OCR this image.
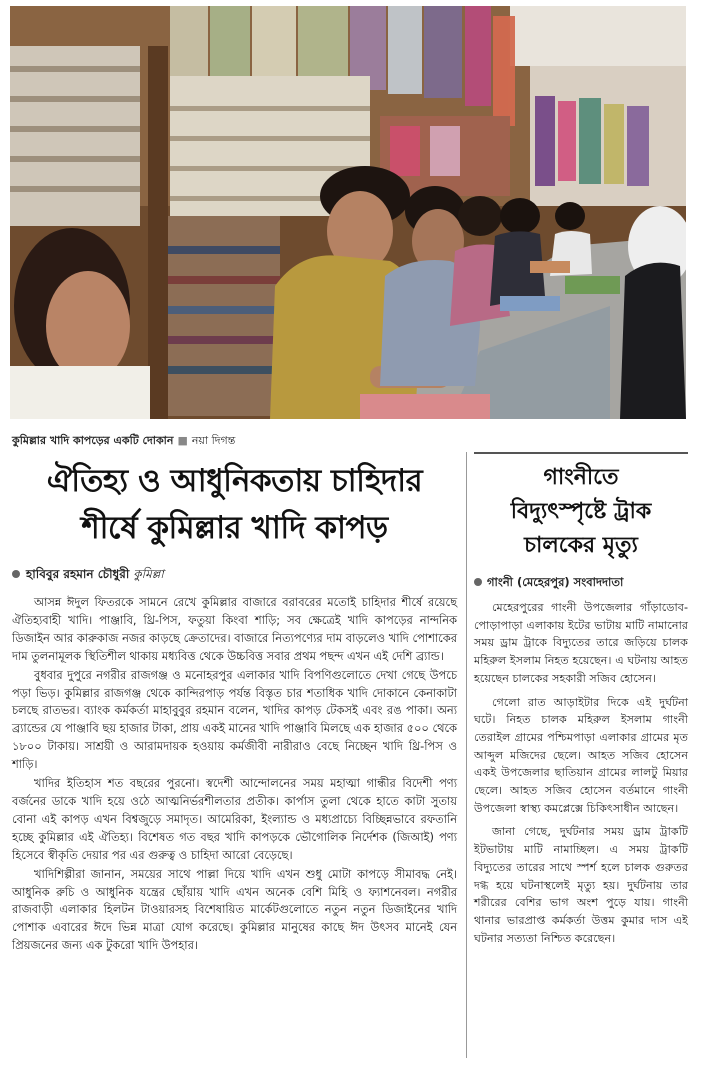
কুমিল্লার খাদি কাপড়ের একটি দোকান ■ নয়া দিগন্ত
ঐতিহ্য ও আধুনিকতায় চাহিদার
শীর্ষে কুমিল্লার খাদি কাপড়
হাবিবুর রহমান চৌধুরী কুমিল্লা

আসন্ন ঈদুল ফিতরকে সামনে রেখে কুমিল্লার বাজারে বরাবরের মতোই চাহিদার শীর্ষে রয়েছে ঐতিহ্যবাহী খাদি। পাঞ্জাবি, থ্রি-পিস, ফতুয়া কিংবা শাড়ি; সব ক্ষেত্রেই খাদি কাপড়ের নান্দনিক ডিজাইন আর কারুকাজ নজর কাড়ছে ক্রেতাদের। বাজারে নিত্যপণ্যের দাম বাড়লেও খাদি পোশাকের দাম তুলনামূলক স্থিতিশীল থাকায় মধ্যবিত্ত থেকে উচ্চবিত্ত সবার প্রথম পছন্দ এখন এই দেশি ব্র্যান্ড।

বুধবার দুপুরে নগরীর রাজগঞ্জ ও মনোহরপুর এলাকার খাদি বিপণিগুলোতে দেখা গেছে উপচে পড়া ভিড়। কুমিল্লার রাজগঞ্জ থেকে কান্দিরপাড় পর্যন্ত বিস্তৃত চার শতাধিক খাদি দোকানে কেনাকাটা চলছে রাতভর। ব্যাংক কর্মকর্তা মাহাবুবুর রহমান বলেন, খাদির কাপড় টেকসই এবং রঙ পাকা। অন্য ব্র্যান্ডের যে পাঞ্জাবি ছয় হাজার টাকা, প্রায় একই মানের খাদি পাঞ্জাবি মিলছে এক হাজার ৫০০ থেকে ১৮০০ টাকায়। সাশ্রয়ী ও আরামদায়ক হওয়ায় কর্মজীবী নারীরাও বেছে নিচ্ছেন খাদি থ্রি-পিস ও শাড়ি।

খাদির ইতিহাস শত বছরের পুরনো। স্বদেশী আন্দোলনের সময় মহাত্মা গান্ধীর বিদেশী পণ্য বর্জনের ডাকে খাদি হয়ে ওঠে আত্মনির্ভরশীলতার প্রতীক। কার্পাস তুলা থেকে হাতে কাটা সুতায় বোনা এই কাপড় এখন বিশ্বজুড়ে সমাদৃত। আমেরিকা, ইংল্যান্ড ও মধ্যপ্রাচ্যে বিচ্ছিন্নভাবে রফতানি হচ্ছে কুমিল্লার এই ঐতিহ্য। বিশেষত গত বছর খাদি কাপড়কে ভৌগোলিক নির্দেশক (জিআই) পণ্য হিসেবে স্বীকৃতি দেয়ার পর এর গুরুত্ব ও চাহিদা আরো বেড়েছে।

খাদিশিল্পীরা জানান, সময়ের সাথে পাল্লা দিয়ে খাদি এখন শুধু মোটা কাপড়ে সীমাবদ্ধ নেই। আধুনিক রুচি ও আধুনিক যন্ত্রের ছোঁয়ায় খাদি এখন অনেক বেশি মিহি ও ফ্যাশনেবল। নগরীর রাজবাড়ী এলাকার হিলটন টাওয়ারসহ বিশেষায়িত মার্কেটগুলোতে নতুন নতুন ডিজাইনের খাদি পোশাক এবারের ঈদে ভিন্ন মাত্রা যোগ করেছে। কুমিল্লার মানুষের কাছে ঈদ উৎসব মানেই যেন প্রিয়জনের জন্য এক টুকরো খাদি উপহার।

গাংনীতে
বিদ্যুৎস্পৃষ্টে ট্রাক
চালকের মৃত্যু
গাংনী (মেহেরপুর) সংবাদদাতা

মেহেরপুরের গাংনী উপজেলার গাঁড়াডোব-পোড়াপাড়া এলাকায় ইটের ভাটায় মাটি নামানোর সময় ড্রাম ট্রাকে বিদ্যুতের তারে জড়িয়ে চালক মহিরুল ইসলাম নিহত হয়েছেন। এ ঘটনায় আহত হয়েছেন চালকের সহকারী সজিব হোসেন।

গেলো রাত আড়াইটার দিকে এই দুর্ঘটনা ঘটে। নিহত চালক মহিরুল ইসলাম গাংনী তেরাইল গ্রামের পশ্চিমপাড়া এলাকার গ্রামের মৃত আব্দুল মজিদের ছেলে। আহত সজিব হোসেন একই উপজেলার ছাতিয়ান গ্রামের লালটু মিয়ার ছেলে। আহত সজিব হোসেন বর্তমানে গাংনী উপজেলা স্বাস্থ্য কমপ্লেক্সে চিকিৎসাধীন আছেন।

জানা গেছে, দুর্ঘটনার সময় ড্রাম ট্রাকটি ইটভাটায় মাটি নামাচ্ছিল। এ সময় ট্রাকটি বিদ্যুতের তারের সাথে স্পর্শ হলে চালক গুরুতর দগ্ধ হয়ে ঘটনাস্থলেই মৃত্যু হয়। দুর্ঘটনায় তার শরীরের বেশির ভাগ অংশ পুড়ে যায়। গাংনী থানার ভারপ্রাপ্ত কর্মকর্তা উত্তম কুমার দাস এই ঘটনার সত্যতা নিশ্চিত করেছেন।
